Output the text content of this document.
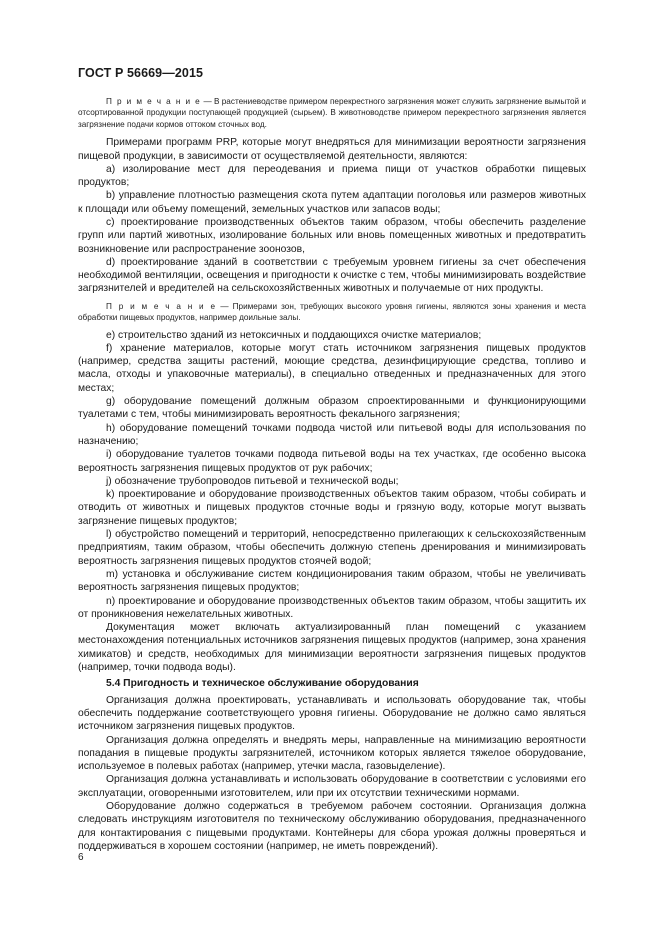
ГОСТ Р 56669—2015

П р и м е ч а н и е — В растениеводстве примером перекрестного загрязнения может служить загрязнение вымытой и отсортированной продукции поступающей продукцией (сырьем). В животноводстве примером перекрестного загрязнения является загрязнение подачи кормов оттоком сточных вод.

Примерами программ PRP, которые могут внедряться для минимизации вероятности загрязнения пищевой продукции, в зависимости от осуществляемой деятельности, являются:

a) изолирование мест для переодевания и приема пищи от участков обработки пищевых продуктов;

b) управление плотностью размещения скота путем адаптации поголовья или размеров животных к площади или объему помещений, земельных участков или запасов воды;

c) проектирование производственных объектов таким образом, чтобы обеспечить разделение групп или партий животных, изолирование больных или вновь помещенных животных и предотвратить возникновение или распространение зоонозов,

d) проектирование зданий в соответствии с требуемым уровнем гигиены за счет обеспечения необходимой вентиляции, освещения и пригодности к очистке с тем, чтобы минимизировать воздействие загрязнителей и вредителей на сельскохозяйственных животных и получаемые от них продукты.

П р и м е ч а н и е — Примерами зон, требующих высокого уровня гигиены, являются зоны хранения и места обработки пищевых продуктов, например доильные залы.

e) строительство зданий из нетоксичных и поддающихся очистке материалов;

f) хранение материалов, которые могут стать источником загрязнения пищевых продуктов (например, средства защиты растений, моющие средства, дезинфицирующие средства, топливо и масла, отходы и упаковочные материалы), в специально отведенных и предназначенных для этого местах;

g) оборудование помещений должным образом спроектированными и функционирующими туалетами с тем, чтобы минимизировать вероятность фекального загрязнения;

h) оборудование помещений точками подвода чистой или питьевой воды для использования по назначению;

i) оборудование туалетов точками подвода питьевой воды на тех участках, где особенно высока вероятность загрязнения пищевых продуктов от рук рабочих;

j) обозначение трубопроводов питьевой и технической воды;

k) проектирование и оборудование производственных объектов таким образом, чтобы собирать и отводить от животных и пищевых продуктов сточные воды и грязную воду, которые могут вызвать загрязнение пищевых продуктов;

l) обустройство помещений и территорий, непосредственно прилегающих к сельскохозяйственным предприятиям, таким образом, чтобы обеспечить должную степень дренирования и минимизировать вероятность загрязнения пищевых продуктов стоячей водой;

m) установка и обслуживание систем кондиционирования таким образом, чтобы не увеличивать вероятность загрязнения пищевых продуктов;

n) проектирование и оборудование производственных объектов таким образом, чтобы защитить их от проникновения нежелательных животных.

Документация может включать актуализированный план помещений с указанием местонахождения потенциальных источников загрязнения пищевых продуктов (например, зона хранения химикатов) и средств, необходимых для минимизации вероятности загрязнения пищевых продуктов (например, точки подвода воды).

5.4 Пригодность и техническое обслуживание оборудования

Организация должна проектировать, устанавливать и использовать оборудование так, чтобы обеспечить поддержание соответствующего уровня гигиены. Оборудование не должно само являться источником загрязнения пищевых продуктов.

Организация должна определять и внедрять меры, направленные на минимизацию вероятности попадания в пищевые продукты загрязнителей, источником которых является тяжелое оборудование, используемое в полевых работах (например, утечки масла, газовыделение).

Организация должна устанавливать и использовать оборудование в соответствии с условиями его эксплуатации, оговоренными изготовителем, или при их отсутствии техническими нормами.

Оборудование должно содержаться в требуемом рабочем состоянии. Организация должна следовать инструкциям изготовителя по техническому обслуживанию оборудования, предназначенного для контактирования с пищевыми продуктами. Контейнеры для сбора урожая должны проверяться и поддерживаться в хорошем состоянии (например, не иметь повреждений).

6
